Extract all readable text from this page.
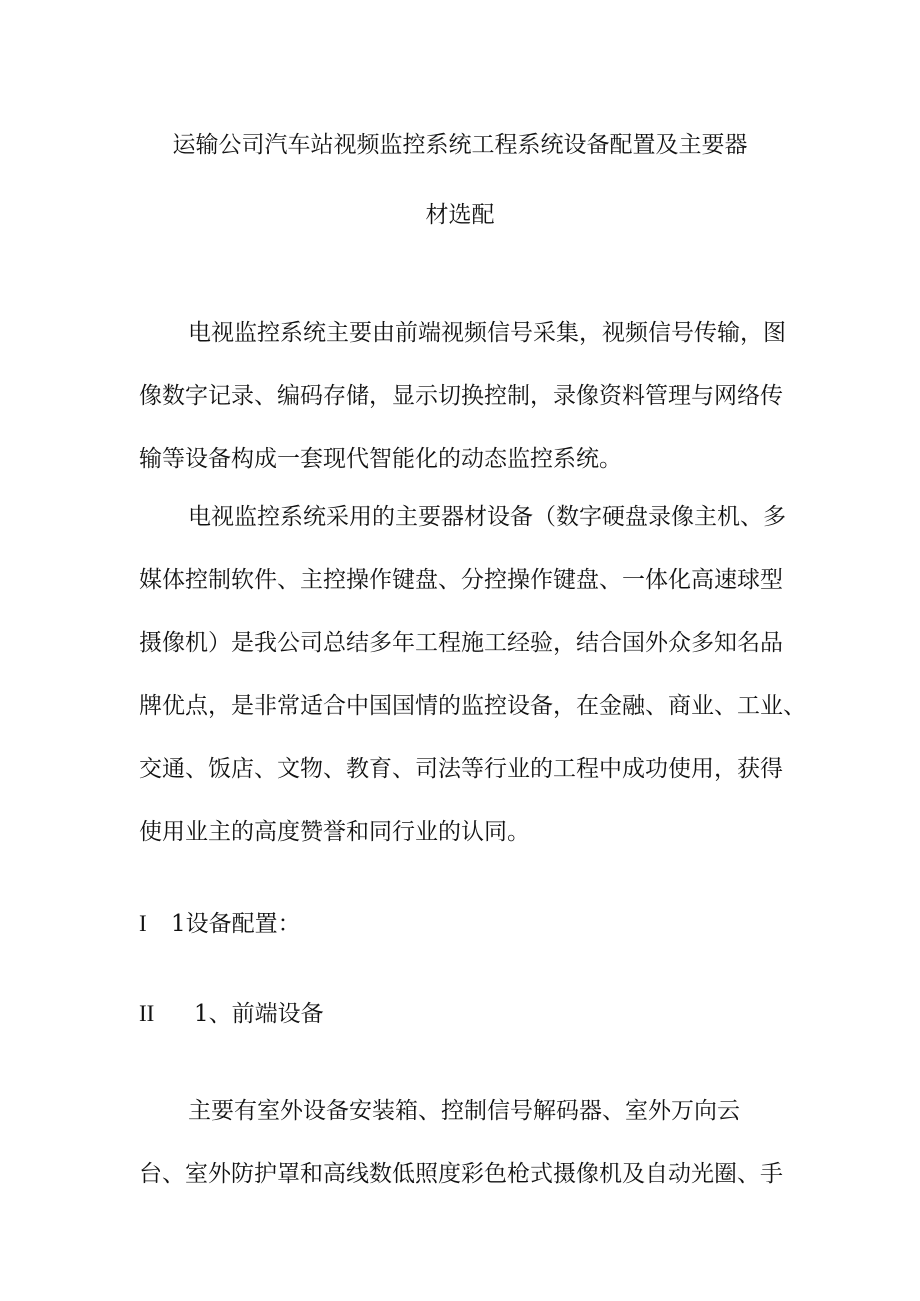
运输公司汽车站视频监控系统工程系统设备配置及主要器
材选配

电视监控系统主要由前端视频信号采集，视频信号传输，图
像数字记录、编码存储，显示切换控制，录像资料管理与网络传
输等设备构成一套现代智能化的动态监控系统。

电视监控系统采用的主要器材设备（数字硬盘录像主机、多
媒体控制软件、主控操作键盘、分控操作键盘、一体化高速球型
摄像机）是我公司总结多年工程施工经验，结合国外众多知名品
牌优点，是非常适合中国国情的监控设备，在金融、商业、工业、
交通、饭店、文物、教育、司法等行业的工程中成功使用，获得
使用业主的高度赞誉和同行业的认同。

I 1设备配置：
II 1、前端设备

主要有室外设备安装箱、控制信号解码器、室外万向云
台、室外防护罩和高线数低照度彩色枪式摄像机及自动光圈、手
